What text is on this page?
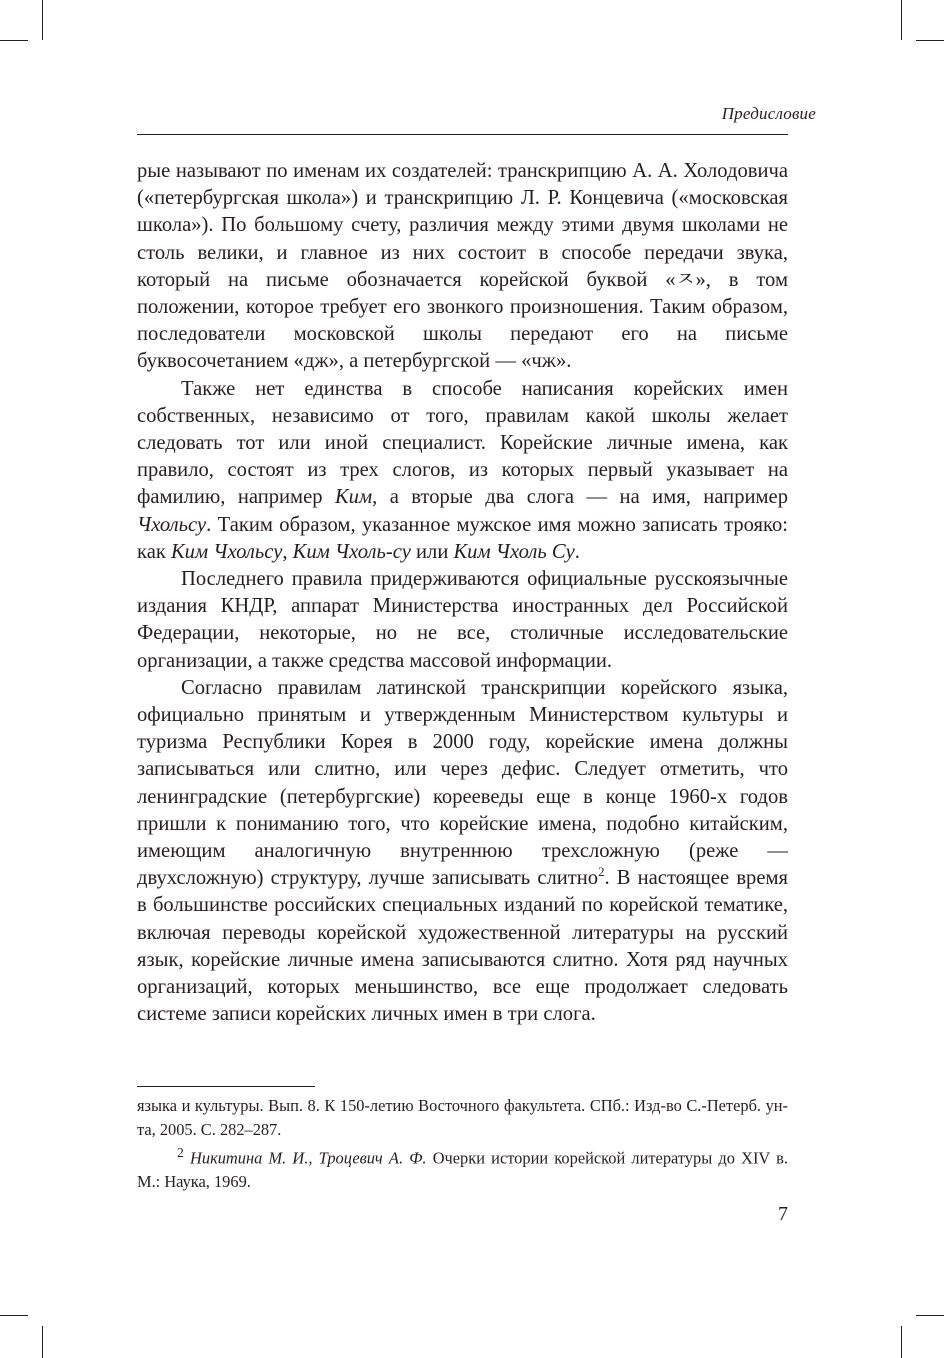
Предисловие

рые называют по именам их создателей: транскрипцию А. А. Холодовича («петербургская школа») и транскрипцию Л. Р. Концевича («московская школа»). По большому счету, различия между этими двумя школами не столь велики, и главное из них состоит в способе передачи звука, который на письме обозначается корейской буквой «ㅈ», в том положении, которое требует его звонкого произношения. Таким образом, последователи московской школы передают его на письме буквосочетанием «дж», а петербургской — «чж».

Также нет единства в способе написания корейских имен собственных, независимо от того, правилам какой школы желает следовать тот или иной специалист. Корейские личные имена, как правило, состоят из трех слогов, из которых первый указывает на фамилию, например Ким, а вторые два слога — на имя, например Чхольсу. Таким образом, указанное мужское имя можно записать трояко: как Ким Чхольсу, Ким Чхоль-су или Ким Чхоль Су.

Последнего правила придерживаются официальные русскоязычные издания КНДР, аппарат Министерства иностранных дел Российской Федерации, некоторые, но не все, столичные исследовательские организации, а также средства массовой информации.

Согласно правилам латинской транскрипции корейского языка, официально принятым и утвержденным Министерством культуры и туризма Республики Корея в 2000 году, корейские имена должны записываться или слитно, или через дефис. Следует отметить, что ленинградские (петербургские) корееведы еще в конце 1960-х годов пришли к пониманию того, что корейские имена, подобно китайским, имеющим аналогичную внутреннюю трехсложную (реже — двухсложную) структуру, лучше записывать слитно$^2$. В настоящее время в большинстве российских специальных изданий по корейской тематике, включая переводы корейской художественной литературы на русский язык, корейские личные имена записываются слитно. Хотя ряд научных организаций, которых меньшинство, все еще продолжает следовать системе записи корейских личных имен в три слога.

языка и культуры. Вып. 8. К 150-летию Восточного факультета. СПб.: Изд-во С.-Петерб. ун-та, 2005. С. 282–287.

$^2$ Никитина М. И., Троцевич А. Ф. Очерки истории корейской литературы до XIV в. М.: Наука, 1969.

7
